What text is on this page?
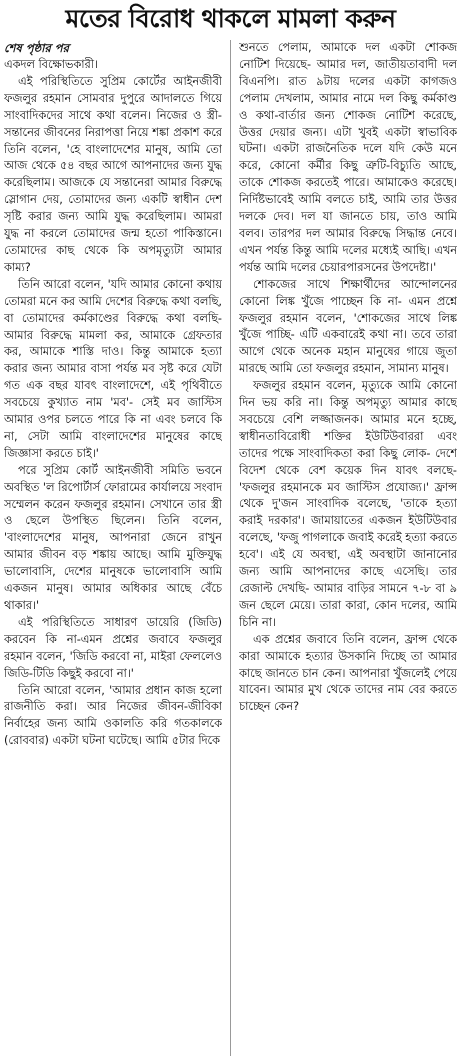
মতের বিরোধ থাকলে মামলা করুন
শেষ পৃষ্ঠার পর

একদল বিক্ষোভকারী।

এই পরিস্থিতিতে সুপ্রিম কোর্টের আইনজীবী ফজলুর রহমান সোমবার দুপুরে আদালতে গিয়ে সাংবাদিকদের সাথে কথা বলেন। নিজের ও স্ত্রী-সন্তানের জীবনের নিরাপত্তা নিয়ে শঙ্কা প্রকাশ করে তিনি বলেন, 'হে বাংলাদেশের মানুষ, আমি তো আজ থেকে ৫৪ বছর আগে আপনাদের জন্য যুদ্ধ করেছিলাম। আজকে যে সন্তানেরা আমার বিরুদ্ধে স্লোগান দেয়, তোমাদের জন্য একটি স্বাধীন দেশ সৃষ্টি করার জন্য আমি যুদ্ধ করেছিলাম। আমরা যুদ্ধ না করলে তোমাদের জন্ম হতো পাকিস্তানে। তোমাদের কাছ থেকে কি অপমৃত্যুটা আমার কাম্য?

তিনি আরো বলেন, 'যদি আমার কোনো কথায় তোমরা মনে কর আমি দেশের বিরুদ্ধে কথা বলছি, বা তোমাদের কর্মকাণ্ডের বিরুদ্ধে কথা বলছি- আমার বিরুদ্ধে মামলা কর, আমাকে গ্রেফতার কর, আমাকে শাস্তি দাও। কিন্তু আমাকে হত্যা করার জন্য আমার বাসা পর্যন্ত মব সৃষ্ট করে যেটা গত এক বছর যাবৎ বাংলাদেশে, এই পৃথিবীতে সবচেয়ে কুখ্যাত নাম 'মব'- সেই মব জাস্টিস আমার ওপর চলতে পারে কি না এবং চলবে কি না, সেটা আমি বাংলাদেশের মানুষের কাছে জিজ্ঞাসা করতে চাই।'

পরে সুপ্রিম কোর্ট আইনজীবী সমিতি ভবনে অবস্থিত 'ল রিপোর্টার্স ফোরামের কার্যালয়ে সংবাদ সম্মেলন করেন ফজলুর রহমান। সেখানে তার স্ত্রী ও ছেলে উপস্থিত ছিলেন। তিনি বলেন, 'বাংলাদেশের মানুষ, আপনারা জেনে রাখুন আমার জীবন বড় শঙ্কায় আছে। আমি মুক্তিযুদ্ধ ভালোবাসি, দেশের মানুষকে ভালোবাসি আমি একজন মানুষ। আমার অধিকার আছে বেঁচে থাকার।'

এই পরিস্থিতিতে সাধারণ ডায়েরি (জিডি) করবেন কি না-এমন প্রশ্নের জবাবে ফজলুর রহমান বলেন, 'জিডি করবো না, মাইরা ফেললেও জিডি-টিডি কিছুই করবো না।'

তিনি আরো বলেন, 'আমার প্রধান কাজ হলো রাজনীতি করা। আর নিজের জীবন-জীবিকা নির্বাহের জন্য আমি ওকালতি করি গতকালকে (রোববার) একটা ঘটনা ঘটেছে। আমি ৫টার দিকে

শুনতে পেলাম, আমাকে দল একটা শোকজ নোটিশ দিয়েছে- আমার দল, জাতীয়তাবাদী দল বিএনপি। রাত ৯টায় দলের একটা কাগজও পেলাম দেখলাম, আমার নামে দল কিছু কর্মকাণ্ড ও কথা-বার্তার জন্য শোকজ নোটিশ করেছে, উত্তর দেয়ার জন্য। এটা খুবই একটা স্বাভাবিক ঘটনা। একটা রাজনৈতিক দলে যদি কেউ মনে করে, কোনো কর্মীর কিছু ত্রুটি-বিচ্যুতি আছে, তাকে শোকজ করতেই পারে। আমাকেও করেছে। নির্দিষ্টভাবেই আমি বলতে চাই, আমি তার উত্তর দলকে দেব। দল যা জানতে চায়, তাও আমি বলব। তারপর দল আমার বিরুদ্ধে সিদ্ধান্ত নেবে। এখন পর্যন্ত কিন্তু আমি দলের মধ্যেই আছি। এখন পর্যন্ত আমি দলের চেয়ারপারসনের উপদেষ্টা।'

শোকজের সাথে শিক্ষার্থীদের আন্দোলনের কোনো লিঙ্ক খুঁজে পাচ্ছেন কি না- এমন প্রশ্নে ফজলুর রহমান বলেন, 'শোকজের সাথে লিঙ্ক খুঁজে পাচ্ছি- এটি একবারেই কথা না। তবে তারা আগে থেকে অনেক মহান মানুষের গায়ে জুতা মারছে আমি তো ফজলুর রহমান, সামান্য মানুষ।

ফজলুর রহমান বলেন, মৃত্যুকে আমি কোনো দিন ভয় করি না। কিন্তু অপমৃত্যু আমার কাছে সবচেয়ে বেশি লজ্জাজনক। আমার মনে হচ্ছে, স্বাধীনতাবিরোধী শক্তির ইউটিউবাররা এবং তাদের পক্ষে সাংবাদিকতা করা কিছু লোক- দেশে বিদেশ থেকে বেশ কয়েক দিন যাবৎ বলছে-'ফজলুর রহমানকে মব জাস্টিস প্রযোজ্য।' ফ্রান্স থেকে দু'জন সাংবাদিক বলেছে, 'তাকে হত্যা করাই দরকার'। জামায়াতের একজন ইউটিউবার বলেছে, 'ফজু পাগলাকে জবাই করেই হত্যা করতে হবে'। এই যে অবস্থা, এই অবস্থাটা জানানোর জন্য আমি আপনাদের কাছে এসেছি। তার রেজাল্ট দেখছি- আমার বাড়ির সামনে ৭-৮ বা ৯ জন ছেলে মেয়ে। তারা কারা, কোন দলের, আমি চিনি না।

এক প্রশ্নের জবাবে তিনি বলেন, ফ্রান্স থেকে কারা আমাকে হত্যার উসকানি দিচ্ছে তা আমার কাছে জানতে চান কেন। আপনারা খুঁজলেই পেয়ে যাবেন। আমার মুখ থেকে তাদের নাম বের করতে চাচ্ছেন কেন?
